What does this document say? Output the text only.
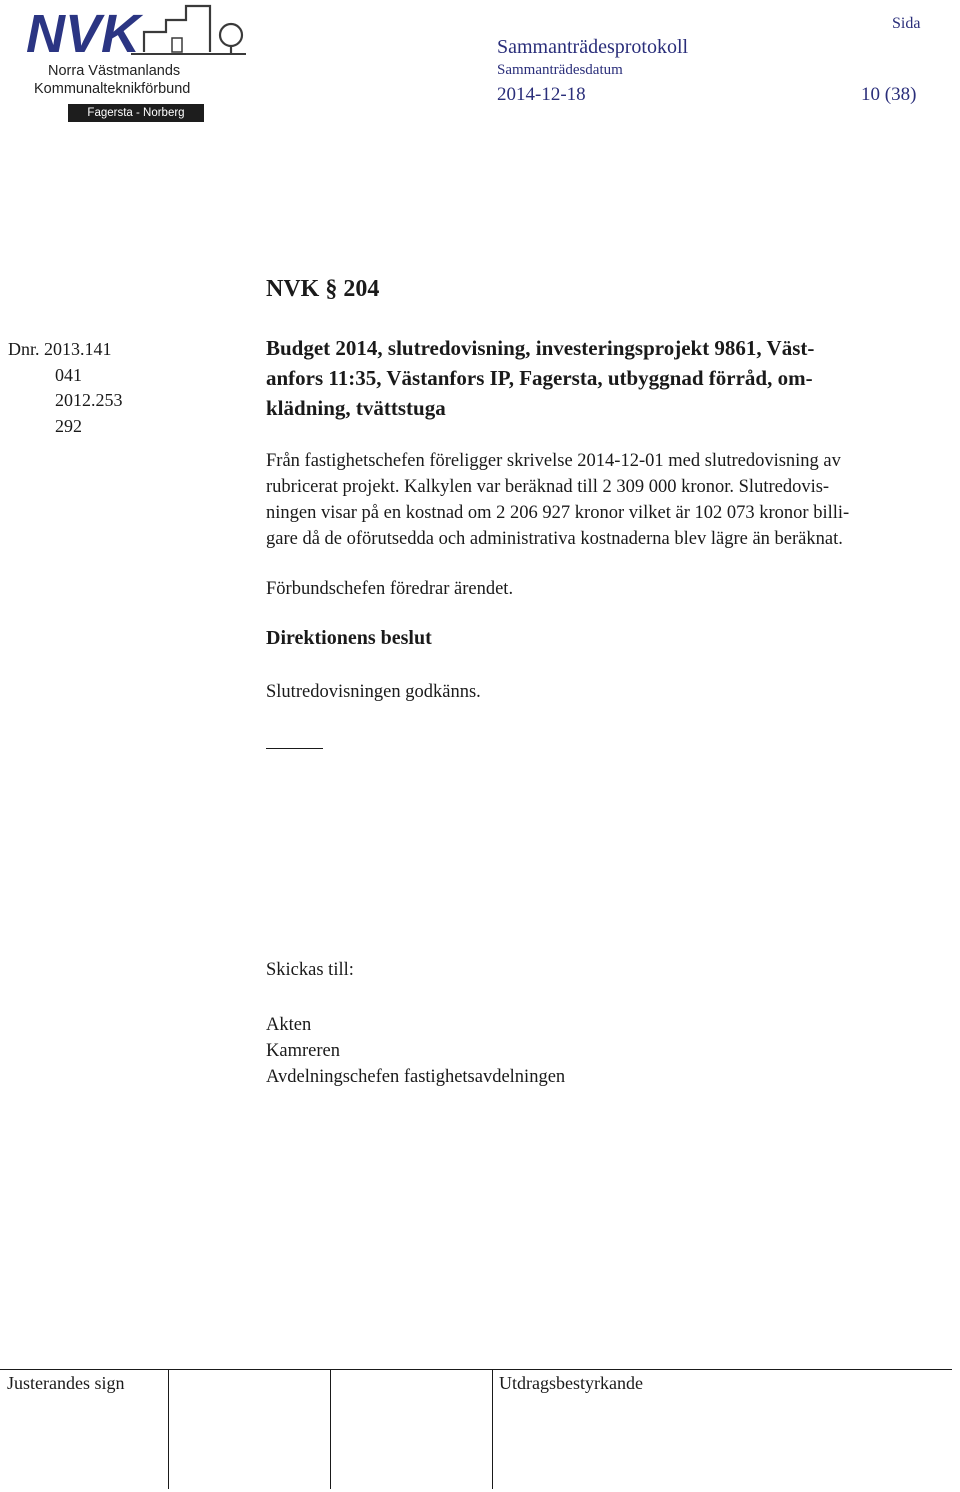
NVK
Norra Västmanlands
Kommunalteknikförbund
Fagersta - Norberg
Sammanträdesprotokoll
Sammanträdesdatum
2014-12-18
Sida
10 (38)
NVK § 204
Dnr. 2013.141
041
2012.253
292
Budget 2014, slutredovisning, investeringsprojekt 9861, Väst-
anfors 11:35, Västanfors IP, Fagersta, utbyggnad förråd, om-
klädning, tvättstuga
Från fastighetschefen föreligger skrivelse 2014-12-01 med slutredovisning av
rubricerat projekt. Kalkylen var beräknad till 2 309 000 kronor. Slutredovis-
ningen visar på en kostnad om 2 206 927 kronor vilket är 102 073 kronor billi-
gare då de oförutsedda och administrativa kostnaderna blev lägre än beräknat.
Förbundschefen föredrar ärendet.
Direktionens beslut
Slutredovisningen godkänns.
Skickas till:
Akten
Kamreren
Avdelningschefen fastighetsavdelningen
Justerandes sign	Utdragsbestyrkande
